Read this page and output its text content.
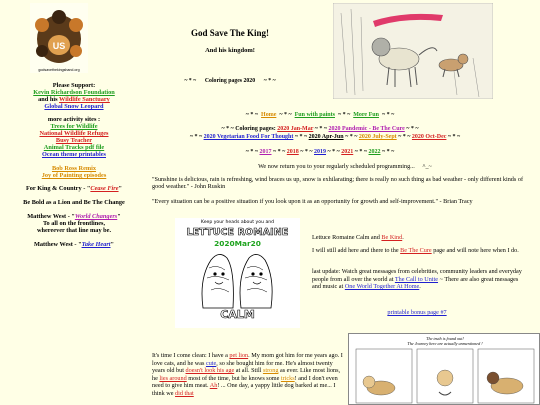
US
godsavethekingshand.org
Please Support:
Kevin Richardson Foundation
and his Wildlife Sanctuary
Global Snow Leopard
more activity sites :
Trees for Wildlife
National Wildlife Refuges
Busy Teacher
Animal Tracks pdf file
Ocean theme printables
Bob Ross Remix
Joy of Painting episodes
For King & Country - "Cease Fire"
Be Bold as a Lion and Be The Change
Matthew West - "World Changers"
To all on the frontlines,
whereever that line may be.
Matthew West - "Take Heart"
God Save The King!
And his kingdom!
~ * ~      Coloring pages 2020      ~ * ~
~ * ~ Home ~ * ~ Fun with paints ~ * ~ More Fun ~ * ~
~ * ~ Coloring pages: 2020 Jan-Mar ~ * ~ 2020 Pandemic - Be The Cure ~ * ~
~ * ~ 2020 Vegetarian Food For Thought ~ * ~ 2020 Apr-Jun ~ * ~ 2020 July-Sept ~ * ~ 2020 Oct-Dec ~ * ~
~ * ~ 2017 ~ * ~ 2018 ~ * ~ 2019 ~ * ~ 2021 ~ * ~ 2022 ~ * ~
We now return you to your regularly scheduled programming...     ^_~
"Sunshine is delicious, rain is refreshing, wind braces us up, snow is exhilarating; there is really no such thing as bad weather - only different kinds of good weather." - John Ruskin
"Every situation can be a positive situation if you look upon it as an opportunity for growth and self-improvement." - Brian Tracy
Keep your heads about you and
LETTUCE ROMAINE
2020Mar20
CALM
Lettuce Romaine Calm and Be Kind.
I will still add here and there to the Be The Cure page and will note here when I do.
last update: Watch great messages from celebrities, community leaders and everyday people from all over the world at The Call to Unite ~ There are also great messages and music at One World Together At Home.
printable bonus page #7
The truth is found out!
The Journey here are actually unmentioned !
It's time I come clean: I have a pet lion. My mom got him for me years ago. I love cats, and he was cute, so she bought him for me. He's almost twenty years old but doesn't look his age at all. Still strong as ever. Like most lions, he lies around most of the time, but he knows some tricks! and I don't even need to give him meat. Ah! ... One day, a yappy little dog barked at me... I think we did that
